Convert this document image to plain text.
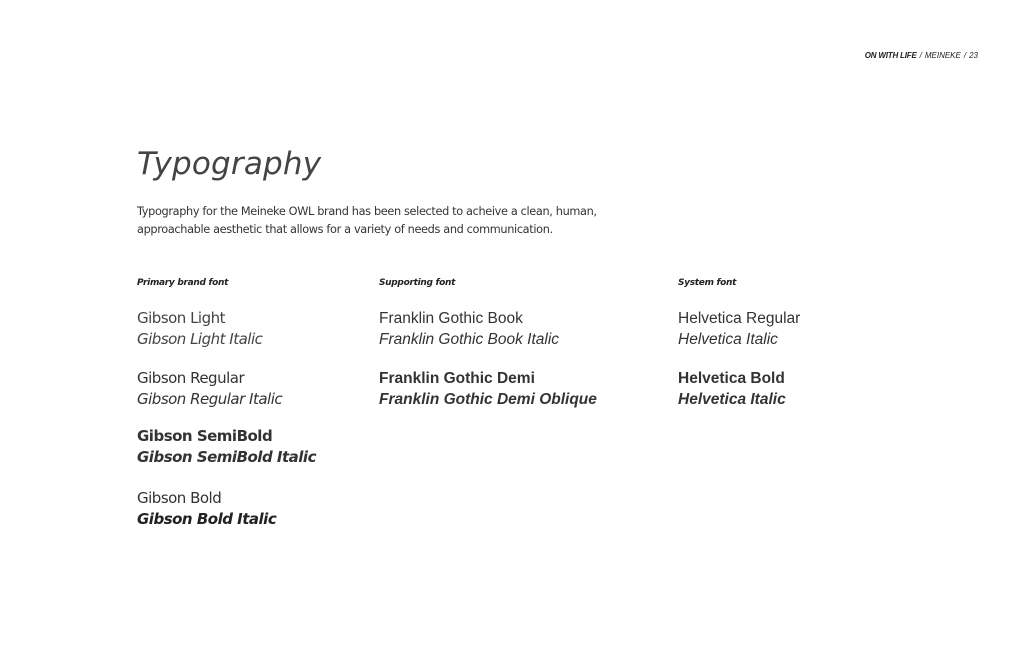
ON WITH LIFE / MEINEKE / 23
Typography

Typography for the Meineke OWL brand has been selected to acheive a clean, human, approachable aesthetic that allows for a variety of needs and communication.

Primary brand font
Gibson Light
Gibson Light Italic
Gibson Regular
Gibson Regular Italic
Gibson SemiBold
Gibson SemiBold Italic
Gibson Bold
Gibson Bold Italic
Supporting font
Franklin Gothic Book
Franklin Gothic Book Italic
Franklin Gothic Demi
Franklin Gothic Demi Oblique
System font
Helvetica Regular
Helvetica Italic
Helvetica Bold
Helvetica Italic
